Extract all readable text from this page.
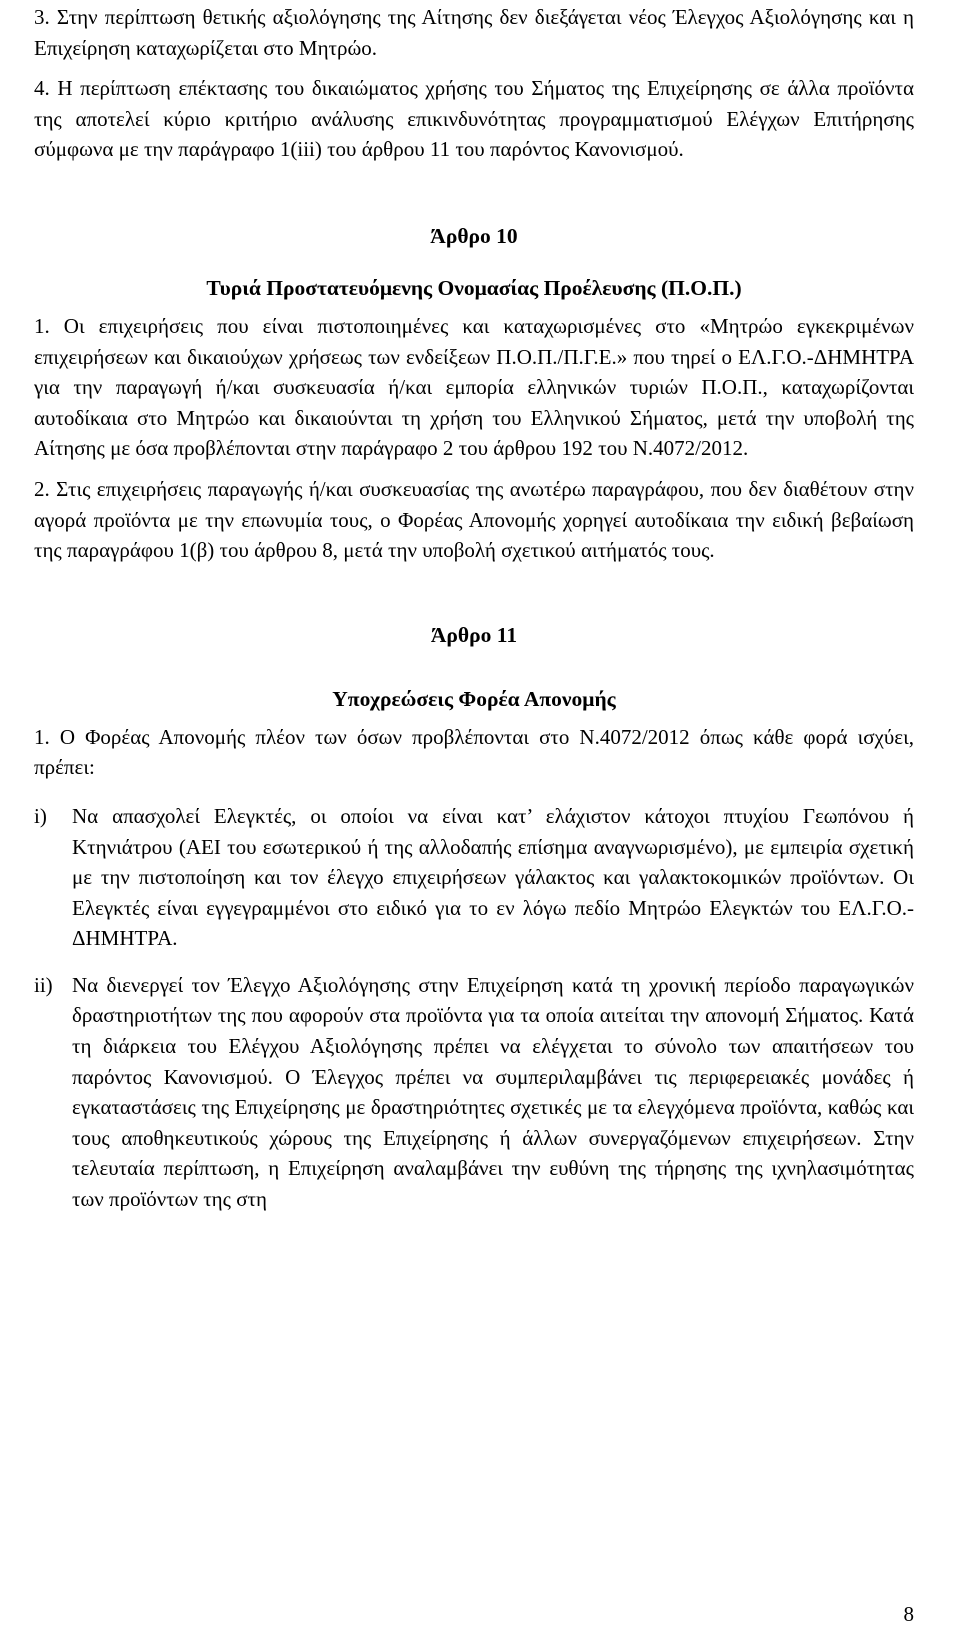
3. Στην περίπτωση θετικής αξιολόγησης της Αίτησης δεν διεξάγεται νέος Έλεγχος Αξιολόγησης και η Επιχείρηση καταχωρίζεται στο Μητρώο.

4. Η περίπτωση επέκτασης του δικαιώματος χρήσης του Σήματος της Επιχείρησης σε άλλα προϊόντα της αποτελεί κύριο κριτήριο ανάλυσης επικινδυνότητας προγραμματισμού Ελέγχων Επιτήρησης σύμφωνα με την παράγραφο 1(iii) του άρθρου 11 του παρόντος Κανονισμού.

Άρθρο 10
Τυριά Προστατευόμενης Ονομασίας Προέλευσης (Π.Ο.Π.)

1. Οι επιχειρήσεις που είναι πιστοποιημένες και καταχωρισμένες στο «Μητρώο εγκεκριμένων επιχειρήσεων και δικαιούχων χρήσεως των ενδείξεων Π.Ο.Π./Π.Γ.Ε.» που τηρεί ο ΕΛ.Γ.Ο.-ΔΗΜΗΤΡΑ για την παραγωγή ή/και συσκευασία ή/και εμπορία ελληνικών τυριών Π.Ο.Π., καταχωρίζονται αυτοδίκαια στο Μητρώο και δικαιούνται τη χρήση του Ελληνικού Σήματος, μετά την υποβολή της Αίτησης με όσα προβλέπονται στην παράγραφο 2 του άρθρου 192 του Ν.4072/2012.

2. Στις επιχειρήσεις παραγωγής ή/και συσκευασίας της ανωτέρω παραγράφου, που δεν διαθέτουν στην αγορά προϊόντα με την επωνυμία τους, ο Φορέας Απονομής χορηγεί αυτοδίκαια την ειδική βεβαίωση της παραγράφου 1(β) του άρθρου 8, μετά την υποβολή σχετικού αιτήματός τους.

Άρθρο 11
Υποχρεώσεις Φορέα Απονομής

1. Ο Φορέας Απονομής πλέον των όσων προβλέπονται στο Ν.4072/2012 όπως κάθε φορά ισχύει, πρέπει:

i)	Να απασχολεί Ελεγκτές, οι οποίοι να είναι κατ’ ελάχιστον κάτοχοι πτυχίου Γεωπόνου ή Κτηνιάτρου (ΑΕΙ του εσωτερικού ή της αλλοδαπής επίσημα αναγνωρισμένο), με εμπειρία σχετική με την πιστοποίηση και τον έλεγχο επιχειρήσεων γάλακτος και γαλακτοκομικών προϊόντων. Οι Ελεγκτές είναι εγγεγραμμένοι στο ειδικό για το εν λόγω πεδίο Μητρώο Ελεγκτών του ΕΛ.Γ.Ο.-ΔΗΜΗΤΡΑ.

ii) Να διενεργεί τον Έλεγχο Αξιολόγησης στην Επιχείρηση κατά τη χρονική περίοδο παραγωγικών δραστηριοτήτων της που αφορούν στα προϊόντα για τα οποία αιτείται την απονομή Σήματος. Κατά τη διάρκεια του Ελέγχου Αξιολόγησης πρέπει να ελέγχεται το σύνολο των απαιτήσεων του παρόντος Κανονισμού. Ο Έλεγχος πρέπει να συμπεριλαμβάνει τις περιφερειακές μονάδες ή εγκαταστάσεις της Επιχείρησης με δραστηριότητες σχετικές με τα ελεγχόμενα προϊόντα, καθώς και τους αποθηκευτικούς χώρους της Επιχείρησης ή άλλων συνεργαζόμενων επιχειρήσεων. Στην τελευταία περίπτωση, η Επιχείρηση αναλαμβάνει την ευθύνη της τήρησης της ιχνηλασιμότητας των προϊόντων της στη

8
